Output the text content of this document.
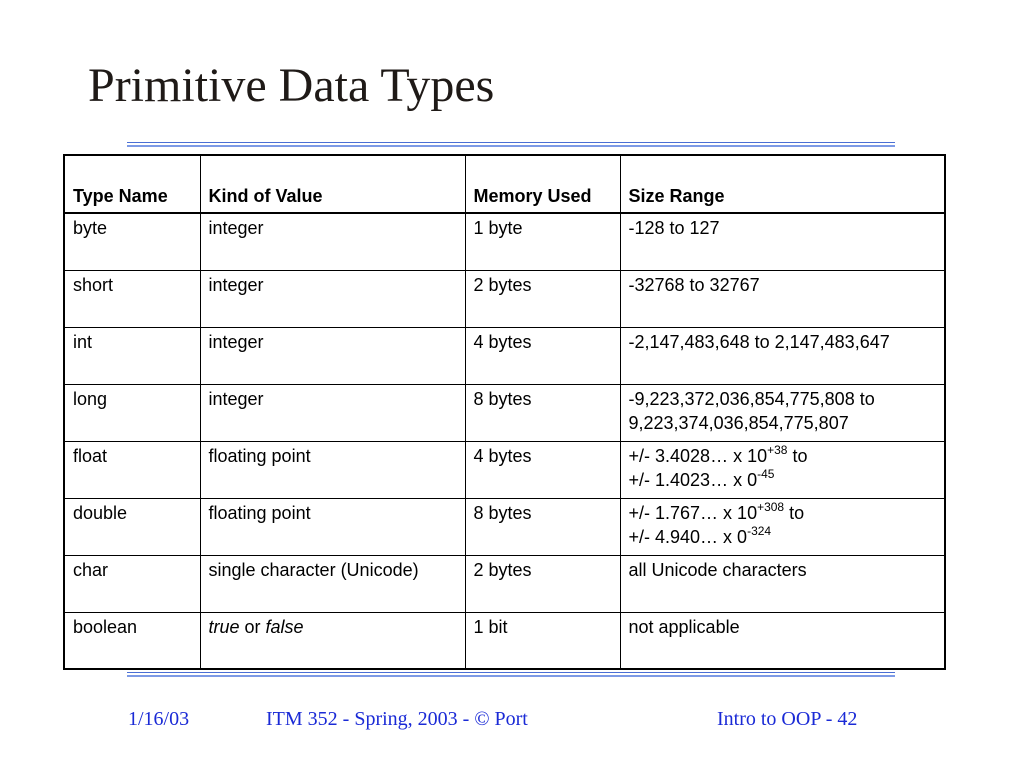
Primitive Data Types
Type Name	Kind of Value	Memory Used	Size Range
byte	integer	1 byte	-128 to 127
short	integer	2 bytes	-32768 to 32767
int	integer	4 bytes	-2,147,483,648 to 2,147,483,647
long	integer	8 bytes	-9,223,372,036,854,775,808 to
9,223,374,036,854,775,807

float	floating point	4 bytes	+/- 3.4028… x $10^{+38}$ to
+/- 1.4023… x $0^{-45}$

double	floating point	8 bytes	+/- 1.767… x $10^{+308}$ to
+/- 4.940… x $0^{-324}$

char	single character (Unicode)	2 bytes	all Unicode characters
boolean	true or false	1 bit	not applicable
1/16/03	ITM 352 - Spring, 2003 - © Port	Intro to OOP - 42
